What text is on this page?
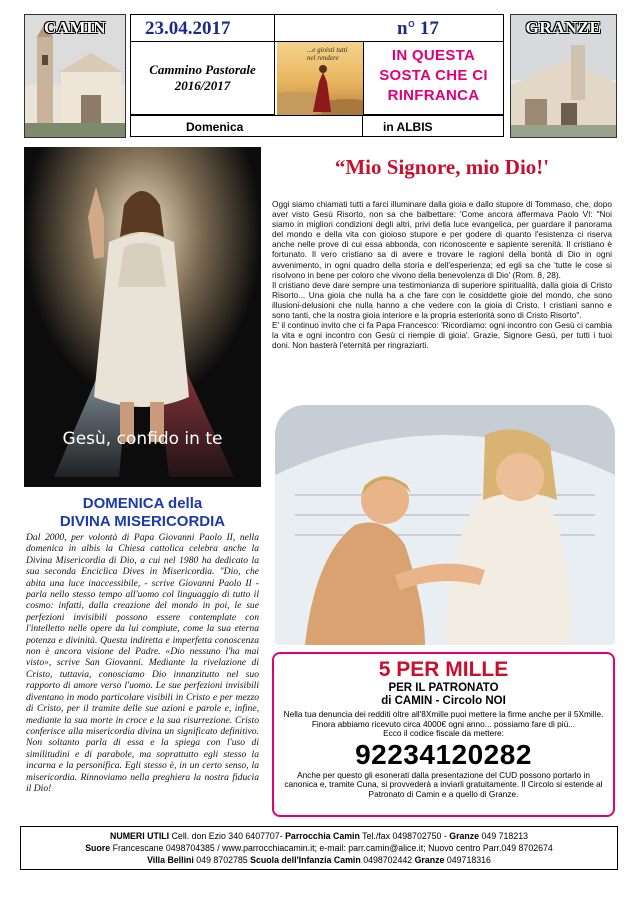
CAMIN	GRANZE
23.04.2017	n° 17
Cammino Pastorale
2016/2017
...e gioisti tutti
nel rendere	IN QUESTA
SOSTA CHE CI
RINFRANCA
Domenica	in ALBIS
Gesù, confido in te
DOMENICA della
DIVINA MISERICORDIA
Dal 2000, per volontà di Papa Giovanni Paolo II, nella domenica in albis la Chiesa cattolica celebra anche la Divina Misericordia di Dio, a cui nel 1980 ha dedicato la sua seconda Enciclica Dives in Misericordia. "Dio, che abita una luce inaccessibile, - scrive Giovanni Paolo II - parla nello stesso tempo all'uomo col linguaggio di tutto il cosmo: infatti, dalla creazione del mondo in poi, le sue perfezioni invisibili possono essere contemplate con l'intelletto nelle opere da lui compiute, come la sua eterna potenza e divinità. Questa indiretta e imperfetta conoscenza non è ancora visione del Padre. «Dio nessuno l'ha mai visto», scrive San Giovanni. Mediante la rivelazione di Cristo, tuttavia, conosciamo Dio innanzitutto nel suo rapporto di amore verso l'uomo. Le sue perfezioni invisibili diventano in modo particolare visibili in Cristo e per mezzo di Cristo, per il tramite delle sue azioni e parole e, infine, mediante la sua morte in croce e la sua risurrezione. Cristo conferisce alla misericordia divina un significato definitivo. Non soltanto parla di essa e la spiega con l'uso di similitudini e di parabole, ma soprattutto egli stesso la incarna e la personifica. Egli stesso è, in un certo senso, la misericordia. Rinnoviamo nella preghiera la nostra fiducia il Dio!
“Mio Signore, mio Dio!'

Oggi siamo chiamati tutti a farci illuminare dalla gioia e dallo stupore di Tommaso, che, dopo aver visto Gesù Risorto, non sa che balbettare: 'Come ancora affermava Paolo VI: "Noi siamo in migliori condizioni degli altri, privi della luce evangelica, per guardare il panorama del mondo e della vita con gioioso stupore e per godere di quanto l'esistenza ci riserva anche nelle prove di cui essa abbonda, con riconoscente e sapiente serenità. Il cristiano è fortunato. Il vero cristiano sa di avere e trovare le ragioni della bontà di Dio in ogni avvenimento, in ogni quadro della storia e dell'esperienza; ed egli sa che 'tutte le cose si risolvono in bene per coloro che vivono della benevolenza di Dio' (Rom. 8, 28).

Il cristiano deve dare sempre una testimonianza di superiore spiritualità, dalla gioia di Cristo Risorto... Una gioia che nulla ha a che fare con le cosiddette gioie del mondo, che sono illusioni-delusioni che nulla hanno a che vedere con la gioia di Cristo. I cristiani sanno e sono tanti, che la nostra gioia interiore e la propria esteriorità sono di Cristo Risorto".

E' il continuo invito che ci fa Papa Francesco: 'Ricordiamo: ogni incontro con Gesù ci cambia la vita e ogni incontro con Gesù ci riempie di gioia'. Grazie, Signore Gesù, per tutti i tuoi doni. Non basterà l'eternità per ringraziarti.

5 PER MILLE
PER IL PATRONATO
di CAMIN - Circolo NOI
Nella tua denuncia dei redditi oltre all'8Xmille puoi mettere la firme anche per il 5Xmille. Finora abbiamo ricevuto circa 4000€ ogni anno... possiamo fare di più...
Ecco il codice fiscale da mettere:
92234120282
Anche per questo gli esonerati dalla presentazione del CUD possono portarlo in canonica e, tramite Cuna, si provvederà a inviarli gratuitamente. Il Circolo si estende al Patronato di Camin e a quello di Granze.
NUMERI UTILI Cell. don Ezio 340 6407707- Parrocchia Camin Tel./fax 0498702750 - Granze 049 718213
Suore Francescane 0498704385 / www.parrocchiacamin.it; e-mail: parr.camin@alice.it; Nuovo centro Parr.049 8702674
Villa Bellini 049 8702785 Scuola dell'Infanzia Camin 0498702442 Granze 049718316
